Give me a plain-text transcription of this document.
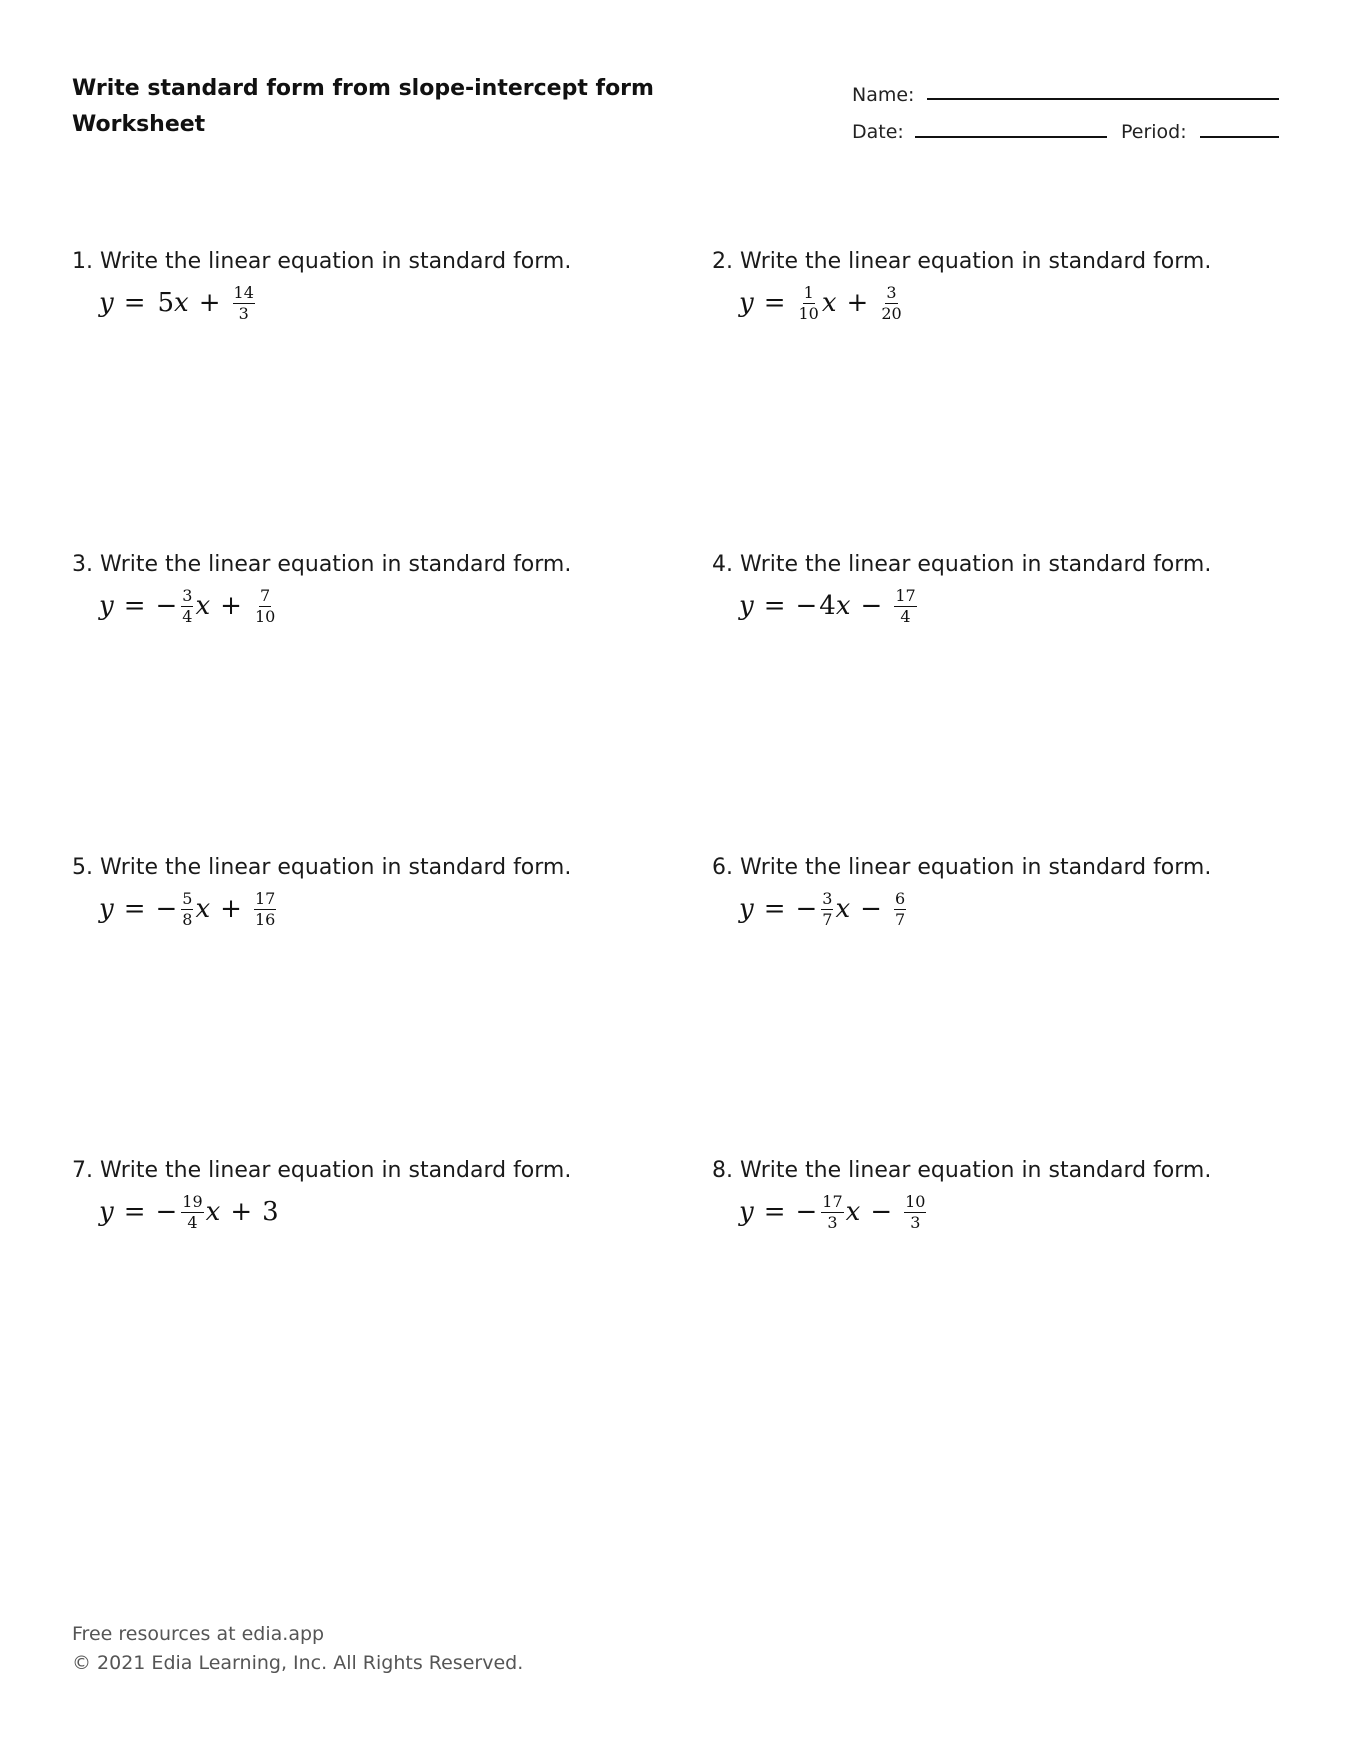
Write standard form from slope-intercept form
Worksheet
Name:
Date:	Period:
1. Write the linear equation in standard form.
y = 5 $x + \frac{14}{3}$
2. Write the linear equation in standard form.
$y = \frac{1}{10}$ $x + \frac{3}{20}$
3. Write the linear equation in standard form.
y = − $\frac{3}{4}$ $x + \frac{7}{10}$
4. Write the linear equation in standard form.
y = − 4 $x - \frac{17}{4}$
5. Write the linear equation in standard form.
y = − $\frac{5}{8}$ $x + \frac{17}{16}$
6. Write the linear equation in standard form.
y = − $\frac{3}{7}$ $x - \frac{6}{7}$
7. Write the linear equation in standard form.
y = − $\frac{19}{4}$ x + 3
8. Write the linear equation in standard form.
y = − $\frac{17}{3}$ $x - \frac{10}{3}$
Free resources at edia.app
© 2021 Edia Learning, Inc. All Rights Reserved.
